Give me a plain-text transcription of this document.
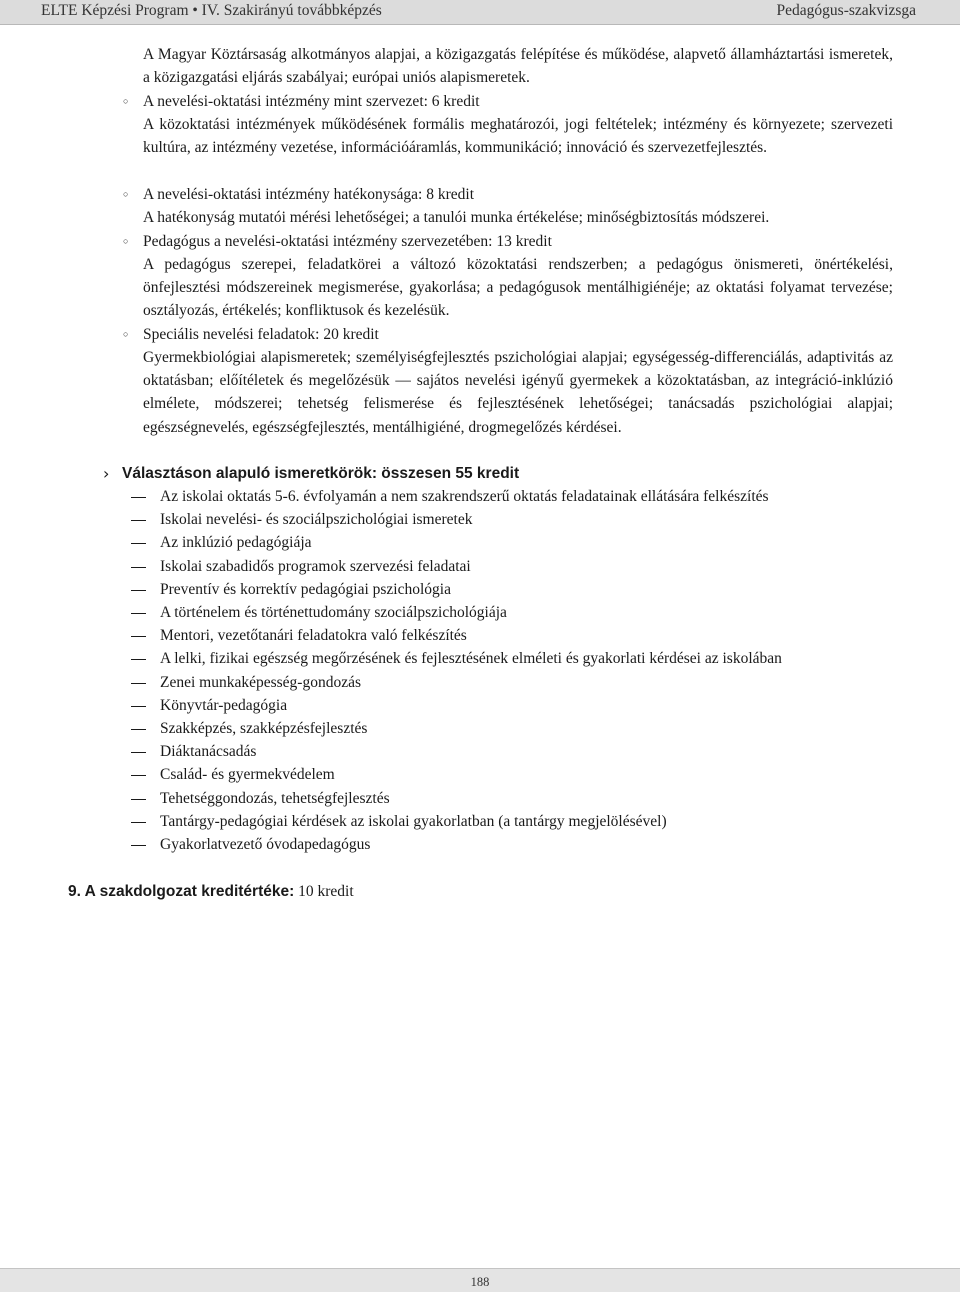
ELTE Képzési Program • IV. Szakirányú továbbképzés	Pedagógus-szakvizsga
A Magyar Köztársaság alkotmányos alapjai, a közigazgatás felépítése és működése, alapvető államháztartási ismeretek, a közigazgatási eljárás szabályai; európai uniós alapismeretek.
○ A nevelési-oktatási intézmény mint szervezet: 6 kredit
A közoktatási intézmények működésének formális meghatározói, jogi feltételek; intézmény és környezete; szervezeti kultúra, az intézmény vezetése, információáramlás, kommunikáció; innováció és szervezetfejlesztés.
○ A nevelési-oktatási intézmény hatékonysága: 8 kredit
A hatékonyság mutatói mérési lehetőségei; a tanulói munka értékelése; minőségbiztosítás módszerei.
○ Pedagógus a nevelési-oktatási intézmény szervezetében: 13 kredit
A pedagógus szerepei, feladatkörei a változó közoktatási rendszerben; a pedagógus önismereti, önértékelési, önfejlesztési módszereinek megismerése, gyakorlása; a pedagógusok mentálhigiénéje; az oktatási folyamat tervezése; osztályozás, értékelés; konfliktusok és kezelésük.
○ Speciális nevelési feladatok: 20 kredit
Gyermekbiológiai alapismeretek; személyiségfejlesztés pszichológiai alapjai; egységesség-differenciálás, adaptivitás az oktatásban; előítéletek és megelőzésük — sajátos nevelési igényű gyermekek a közoktatásban, az integráció-inklúzió elmélete, módszerei; tehetség felismerése és fejlesztésének lehetőségei; tanácsadás pszichológiai alapjai; egészségnevelés, egészségfejlesztés, mentálhigiéné, drogmegelőzés kérdései.
› Választáson alapuló ismeretkörök: összesen 55 kredit
Az iskolai oktatás 5-6. évfolyamán a nem szakrendszerű oktatás feladatainak ellátására felkészítés
Iskolai nevelési- és szociálpszichológiai ismeretek
Az inklúzió pedagógiája
Iskolai szabadidős programok szervezési feladatai
Preventív és korrektív pedagógiai pszichológia
A történelem és történettudomány szociálpszichológiája
Mentori, vezetőtanári feladatokra való felkészítés
A lelki, fizikai egészség megőrzésének és fejlesztésének elméleti és gyakorlati kérdései az iskolában
Zenei munkaképesség-gondozás
Könyvtár-pedagógia
Szakképzés, szakképzésfejlesztés
Diáktanácsadás
Család- és gyermekvédelem
Tehetséggondozás, tehetségfejlesztés
Tantárgy-pedagógiai kérdések az iskolai gyakorlatban (a tantárgy megjelölésével)
Gyakorlatvezető óvodapedagógus
9. A szakdolgozat kreditértéke: 10 kredit
188
